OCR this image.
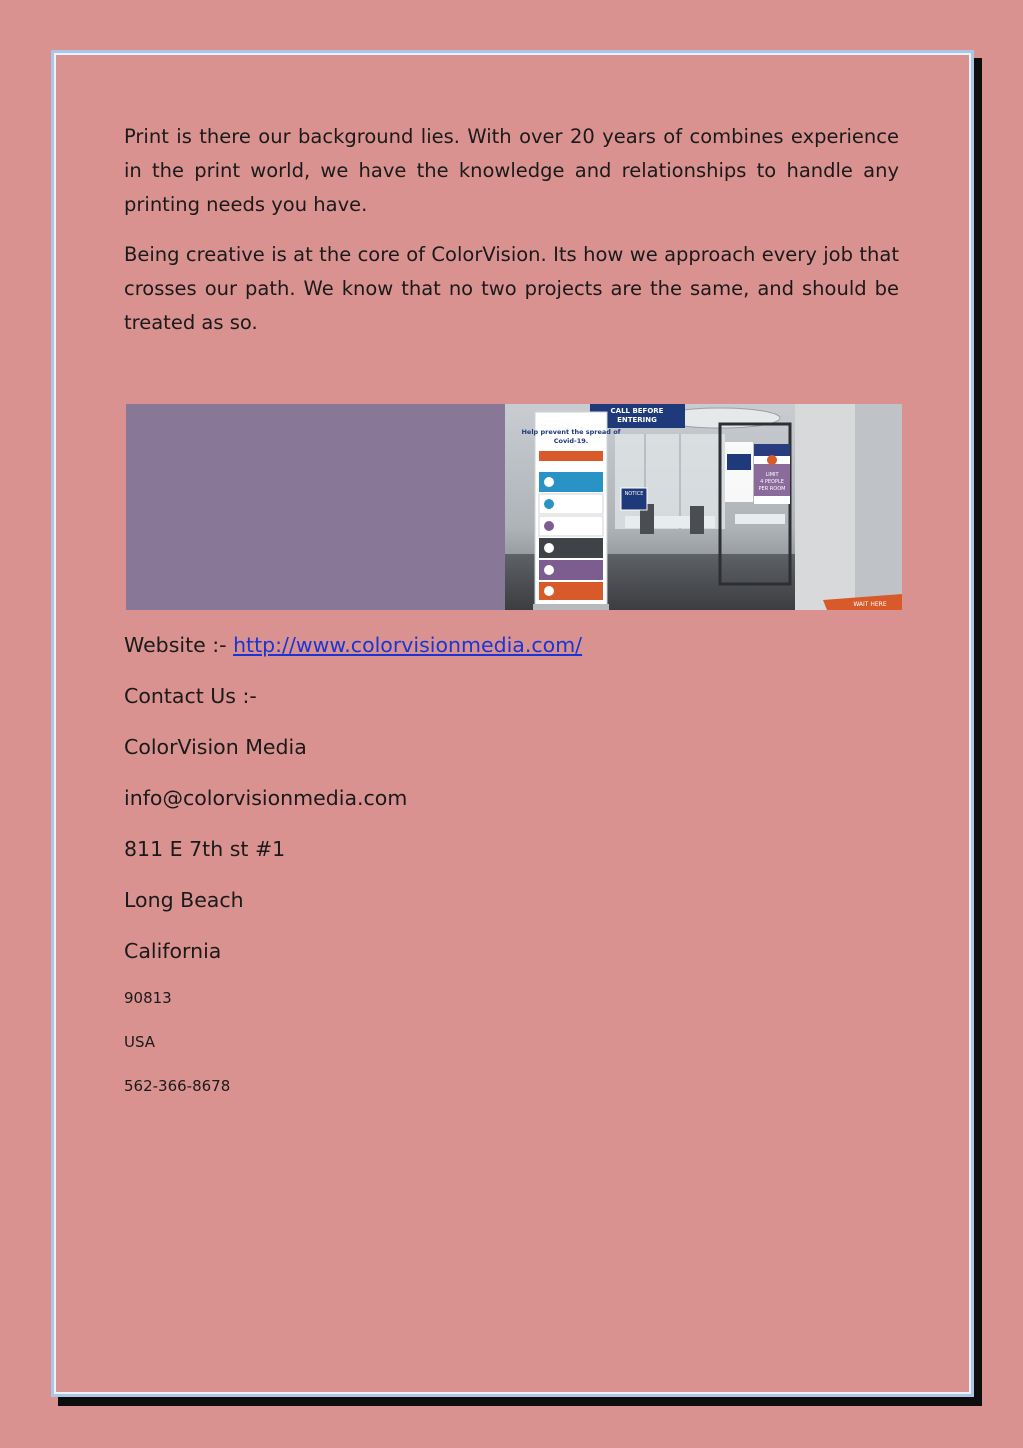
Print is there our background lies. With over 20 years of combines experience in the print world, we have the knowledge and relationships to handle any printing needs you have.

Being creative is at the core of ColorVision. Its how we approach every job that crosses our path. We know that no two projects are the same, and should be treated as so.

CALL BEFORE
ENTERING
NOTICE
LIMIT
4 PEOPLE
PER ROOM
Help prevent the spread of
Covid-19.
WAIT HERE

Website :- http://www.colorvisionmedia.com/

Contact Us :-

ColorVision Media

info@colorvisionmedia.com

811 E 7th st #1

Long Beach

California

90813

USA

562-366-8678
